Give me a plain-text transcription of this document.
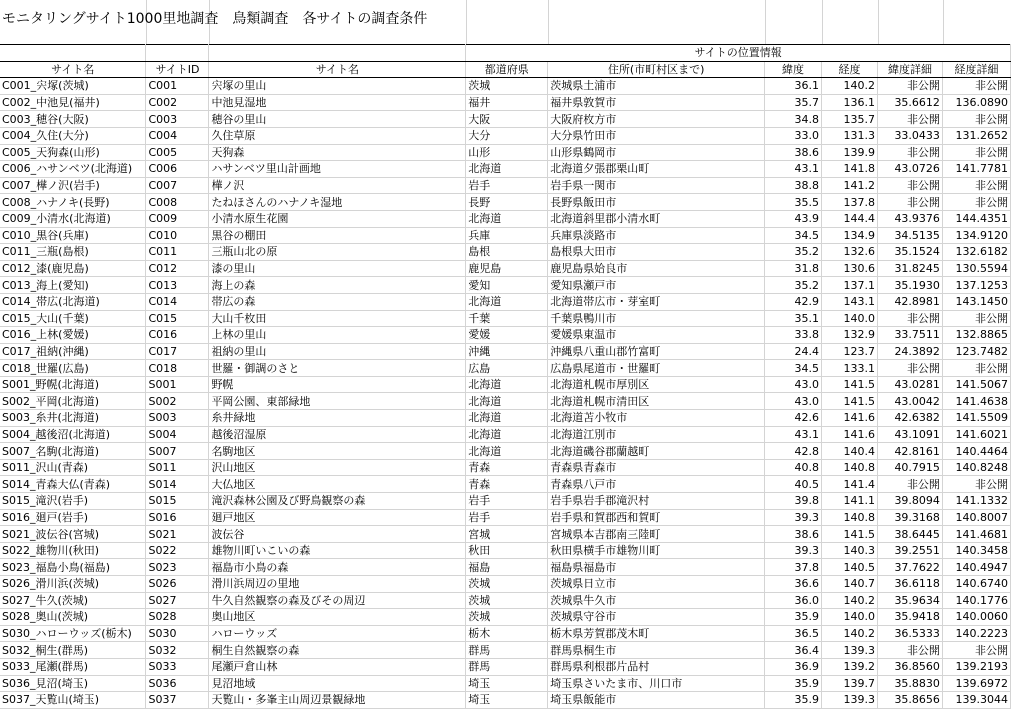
モニタリングサイト1000里地調査　鳥類調査　各サイトの調査条件
			サイトの位置情報					
サイト名	サイトID	サイト名	都道府県	住所(市町村区まで)	緯度	経度	緯度詳細	経度詳細
C001_宍塚(茨城)	C001	宍塚の里山	茨城	茨城県土浦市	36.1	140.2	非公開	非公開
C002_中池見(福井)	C002	中池見湿地	福井	福井県敦賀市	35.7	136.1	35.6612	136.0890
C003_穂谷(大阪)	C003	穂谷の里山	大阪	大阪府枚方市	34.8	135.7	非公開	非公開
C004_久住(大分)	C004	久住草原	大分	大分県竹田市	33.0	131.3	33.0433	131.2652
C005_天狗森(山形)	C005	天狗森	山形	山形県鶴岡市	38.6	139.9	非公開	非公開
C006_ハサンベツ(北海道)	C006	ハサンベツ里山計画地	北海道	北海道夕張郡栗山町	43.1	141.8	43.0726	141.7781
C007_樺ノ沢(岩手)	C007	樺ノ沢	岩手	岩手県一関市	38.8	141.2	非公開	非公開
C008_ハナノキ(長野)	C008	たねほさんのハナノキ湿地	長野	長野県飯田市	35.5	137.8	非公開	非公開
C009_小清水(北海道)	C009	小清水原生花園	北海道	北海道斜里郡小清水町	43.9	144.4	43.9376	144.4351
C010_黒谷(兵庫)	C010	黒谷の棚田	兵庫	兵庫県淡路市	34.5	134.9	34.5135	134.9120
C011_三瓶(島根)	C011	三瓶山北の原	島根	島根県大田市	35.2	132.6	35.1524	132.6182
C012_漆(鹿児島)	C012	漆の里山	鹿児島	鹿児島県姶良市	31.8	130.6	31.8245	130.5594
C013_海上(愛知)	C013	海上の森	愛知	愛知県瀬戸市	35.2	137.1	35.1930	137.1253
C014_帯広(北海道)	C014	帯広の森	北海道	北海道帯広市・芽室町	42.9	143.1	42.8981	143.1450
C015_大山(千葉)	C015	大山千枚田	千葉	千葉県鴨川市	35.1	140.0	非公開	非公開
C016_上林(愛媛)	C016	上林の里山	愛媛	愛媛県東温市	33.8	132.9	33.7511	132.8865
C017_祖納(沖縄)	C017	祖納の里山	沖縄	沖縄県八重山郡竹富町	24.4	123.7	24.3892	123.7482
C018_世羅(広島)	C018	世羅・御調のさと	広島	広島県尾道市・世羅町	34.5	133.1	非公開	非公開
S001_野幌(北海道)	S001	野幌	北海道	北海道札幌市厚別区	43.0	141.5	43.0281	141.5067
S002_平岡(北海道)	S002	平岡公園、東部緑地	北海道	北海道札幌市清田区	43.0	141.5	43.0042	141.4638
S003_糸井(北海道)	S003	糸井緑地	北海道	北海道苫小牧市	42.6	141.6	42.6382	141.5509
S004_越後沼(北海道)	S004	越後沼湿原	北海道	北海道江別市	43.1	141.6	43.1091	141.6021
S007_名駒(北海道)	S007	名駒地区	北海道	北海道磯谷郡蘭越町	42.8	140.4	42.8161	140.4464
S011_沢山(青森)	S011	沢山地区	青森	青森県青森市	40.8	140.8	40.7915	140.8248
S014_青森大仏(青森)	S014	大仏地区	青森	青森県八戸市	40.5	141.4	非公開	非公開
S015_滝沢(岩手)	S015	滝沢森林公園及び野鳥観察の森	岩手	岩手県岩手郡滝沢村	39.8	141.1	39.8094	141.1332
S016_廻戸(岩手)	S016	廻戸地区	岩手	岩手県和賀郡西和賀町	39.3	140.8	39.3168	140.8007
S021_波伝谷(宮城)	S021	波伝谷	宮城	宮城県本吉郡南三陸町	38.6	141.5	38.6445	141.4681
S022_雄物川(秋田)	S022	雄物川町いこいの森	秋田	秋田県横手市雄物川町	39.3	140.3	39.2551	140.3458
S023_福島小鳥(福島)	S023	福島市小鳥の森	福島	福島県福島市	37.8	140.5	37.7622	140.4947
S026_滑川浜(茨城)	S026	滑川浜周辺の里地	茨城	茨城県日立市	36.6	140.7	36.6118	140.6740
S027_牛久(茨城)	S027	牛久自然観察の森及びその周辺	茨城	茨城県牛久市	36.0	140.2	35.9634	140.1776
S028_奥山(茨城)	S028	奥山地区	茨城	茨城県守谷市	35.9	140.0	35.9418	140.0060
S030_ハローウッズ(栃木)	S030	ハローウッズ	栃木	栃木県芳賀郡茂木町	36.5	140.2	36.5333	140.2223
S032_桐生(群馬)	S032	桐生自然観察の森	群馬	群馬県桐生市	36.4	139.3	非公開	非公開
S033_尾瀬(群馬)	S033	尾瀬戸倉山林	群馬	群馬県利根郡片品村	36.9	139.2	36.8560	139.2193
S036_見沼(埼玉)	S036	見沼地域	埼玉	埼玉県さいたま市、川口市	35.9	139.7	35.8830	139.6972
S037_天覧山(埼玉)	S037	天覧山・多峯主山周辺景観緑地	埼玉	埼玉県飯能市	35.9	139.3	35.8656	139.3044
